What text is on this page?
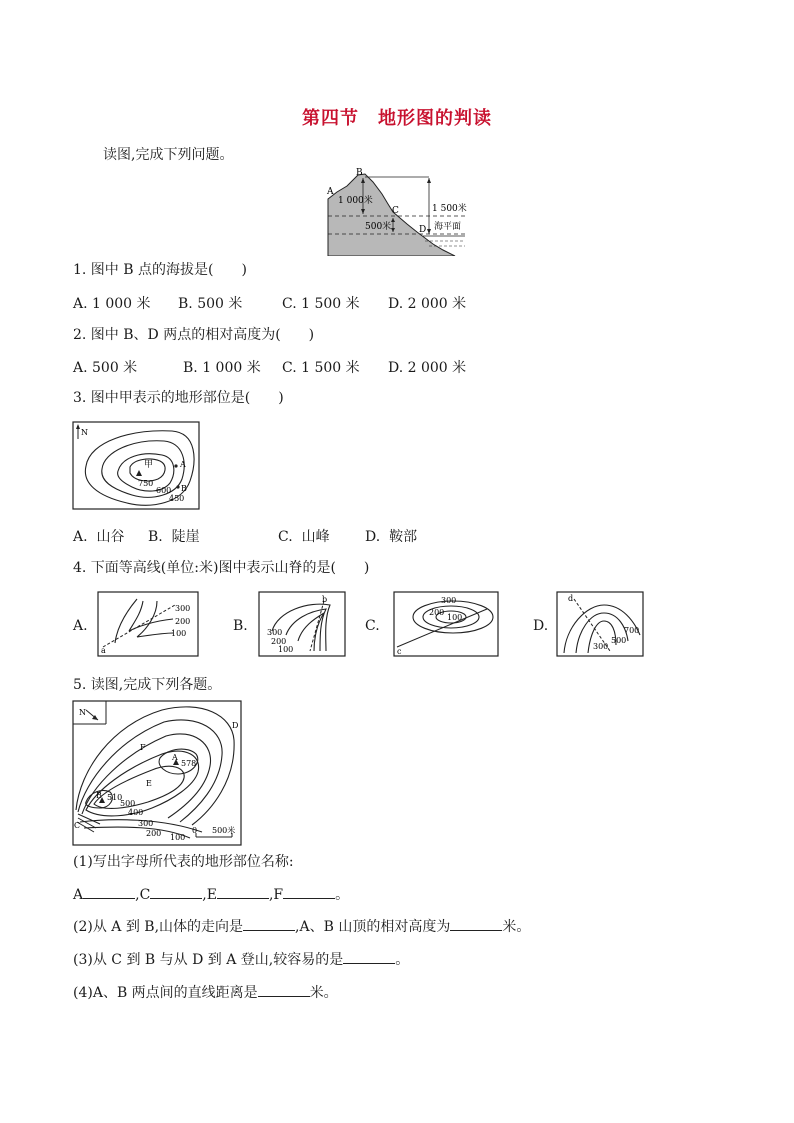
第四节　地形图的判读
读图,完成下列问题。
A
B
C
D
1 000米
500米
1 500米
海平面
1. 图中 B 点的海拔是(　　)
A. 1 000 米 B. 500 米	C. 1 500 米 D. 2 000 米
2. 图中 B、D 两点的相对高度为(　　)
A. 500 米	B. 1 000 米 C. 1 500 米 D. 2 000 米
3. 图中甲表示的地形部位是(　　)
N
甲	A
B
750
600
450
A.  山谷 B.  陡崖	C.  山峰	D.  鞍部
4. 下面等高线(单位:米)图中表示山脊的是(　　)
A.
300
200
100
a
B.
b
300
200
100
C.
300
200
100
c
D.
d
700
500
300
5. 读图,完成下列各题。
N
A
578
B 510
C
D
E
F
500
400
300
200 100
0 500米
(1)写出字母所代表的地形部位名称:
A	,C	,E	,F	。
(2)从 A 到 B,山体的走向是	,A、B 山顶的相对高度为	米。
(3)从 C 到 B 与从 D 到 A 登山,较容易的是	。
(4)A、B 两点间的直线距离是	米。
